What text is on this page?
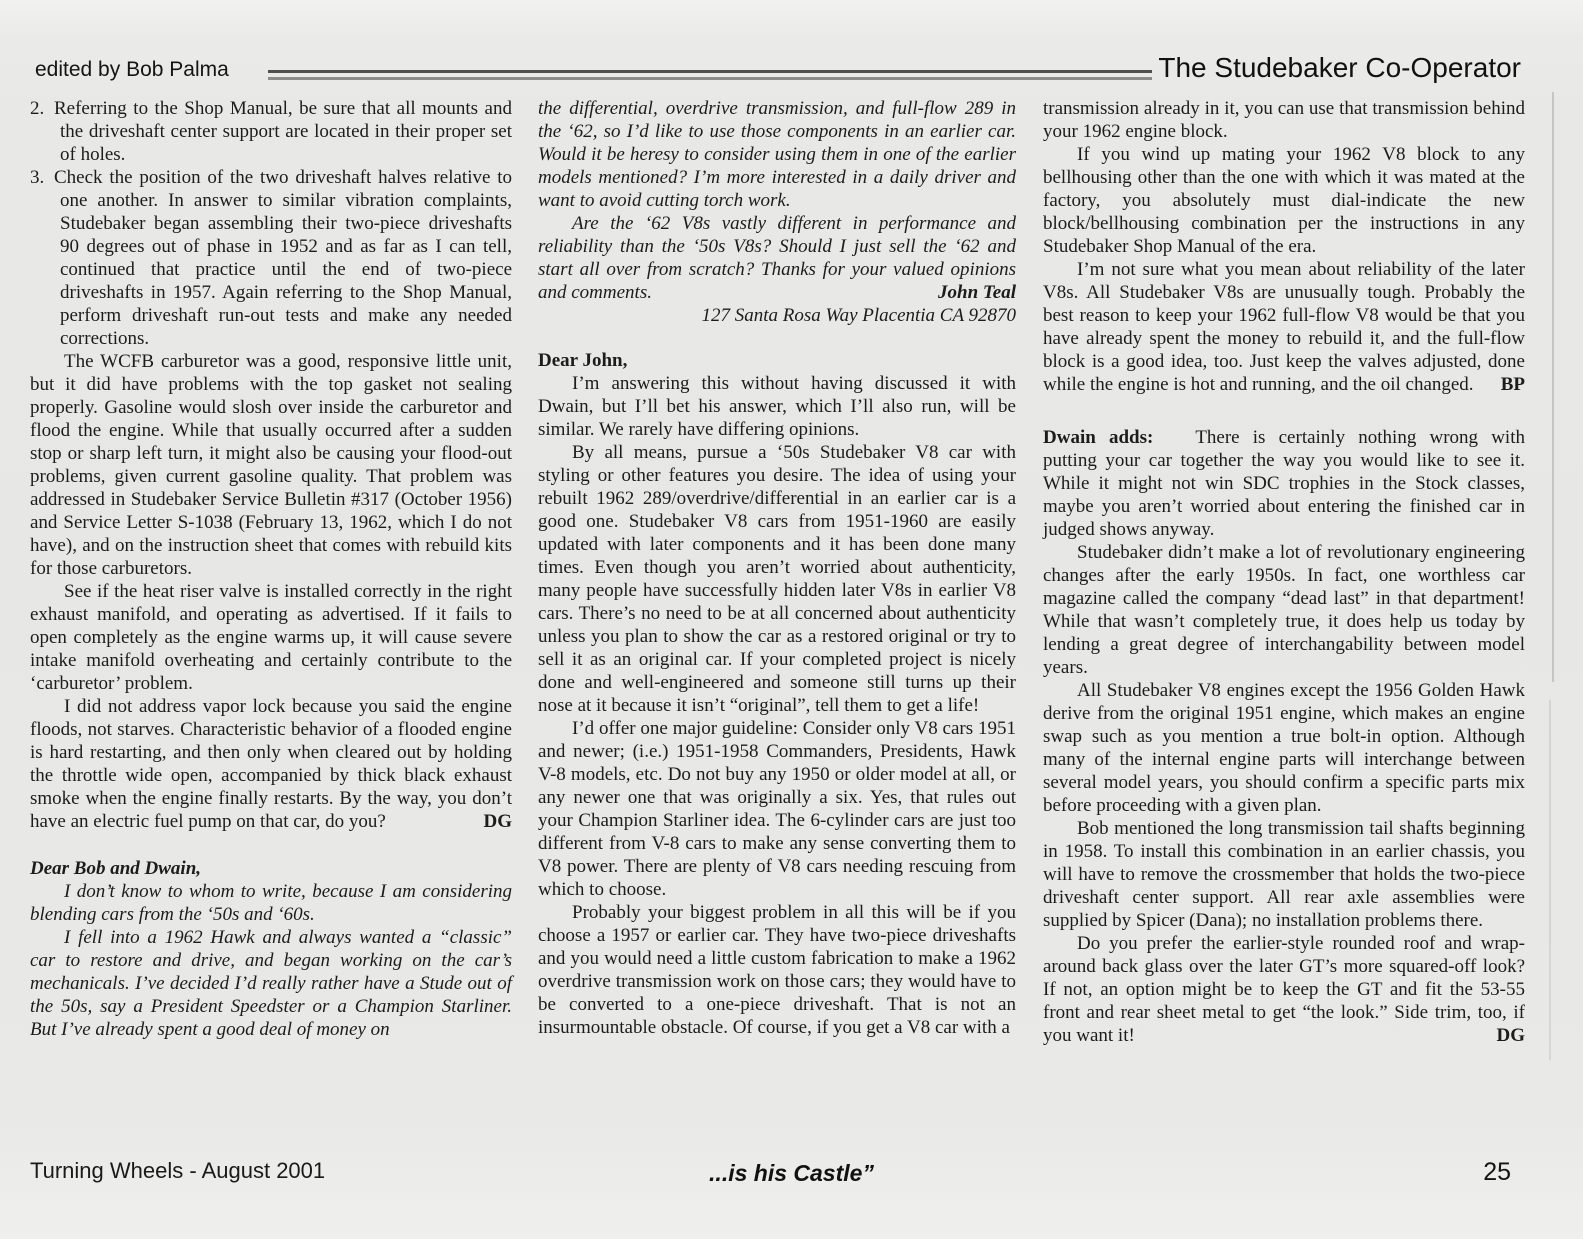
edited by Bob Palma	The Studebaker Co-Operator

2. Referring to the Shop Manual, be sure that all mounts and the driveshaft center support are located in their proper set of holes.

3. Check the position of the two driveshaft halves relative to one another. In answer to similar vibration complaints, Studebaker began assembling their two-piece driveshafts 90 degrees out of phase in 1952 and as far as I can tell, continued that practice until the end of two-piece driveshafts in 1957. Again referring to the Shop Manual, perform driveshaft run-out tests and make any needed corrections.

The WCFB carburetor was a good, responsive little unit, but it did have problems with the top gasket not sealing properly. Gasoline would slosh over inside the carburetor and flood the engine. While that usually occurred after a sudden stop or sharp left turn, it might also be causing your flood-out problems, given current gasoline quality. That problem was addressed in Studebaker Service Bulletin #317 (October 1956) and Service Letter S-1038 (February 13, 1962, which I do not have), and on the instruction sheet that comes with rebuild kits for those carburetors.

See if the heat riser valve is installed correctly in the right exhaust manifold, and operating as advertised. If it fails to open completely as the engine warms up, it will cause severe intake manifold overheating and certainly contribute to the ‘carburetor’ problem.

I did not address vapor lock because you said the engine floods, not starves. Characteristic behavior of a flooded engine is hard restarting, and then only when cleared out by holding the throttle wide open, accompanied by thick black exhaust smoke when the engine finally restarts. By the way, you don’t have an electric fuel pump on that car, do you?	DG

Dear Bob and Dwain,

I don’t know to whom to write, because I am considering blending cars from the ‘50s and ‘60s.

I fell into a 1962 Hawk and always wanted a “classic” car to restore and drive, and began working on the car’s mechanicals. I’ve decided I’d really rather have a Stude out of the 50s, say a President Speedster or a Champion Starliner. But I’ve already spent a good deal of money on

the differential, overdrive transmission, and full-flow 289 in the ‘62, so I’d like to use those components in an earlier car. Would it be heresy to consider using them in one of the earlier models mentioned? I’m more interested in a daily driver and want to avoid cutting torch work.

Are the ‘62 V8s vastly different in performance and reliability than the ‘50s V8s? Should I just sell the ‘62 and start all over from scratch? Thanks for your valued opinions and comments.	John Teal

127 Santa Rosa Way Placentia CA 92870

Dear John,

I’m answering this without having discussed it with Dwain, but I’ll bet his answer, which I’ll also run, will be similar. We rarely have differing opinions.

By all means, pursue a ‘50s Studebaker V8 car with styling or other features you desire. The idea of using your rebuilt 1962 289/overdrive/differential in an earlier car is a good one. Studebaker V8 cars from 1951-1960 are easily updated with later components and it has been done many times. Even though you aren’t worried about authenticity, many people have successfully hidden later V8s in earlier V8 cars. There’s no need to be at all concerned about authenticity unless you plan to show the car as a restored original or try to sell it as an original car. If your completed project is nicely done and well-engineered and someone still turns up their nose at it because it isn’t “original”, tell them to get a life!

I’d offer one major guideline: Consider only V8 cars 1951 and newer; (i.e.) 1951-1958 Commanders, Presidents, Hawk V-8 models, etc. Do not buy any 1950 or older model at all, or any newer one that was originally a six. Yes, that rules out your Champion Starliner idea. The 6-cylinder cars are just too different from V-8 cars to make any sense converting them to V8 power. There are plenty of V8 cars needing rescuing from which to choose.

Probably your biggest problem in all this will be if you choose a 1957 or earlier car. They have two-piece driveshafts and you would need a little custom fabrication to make a 1962 overdrive transmission work on those cars; they would have to be converted to a one-piece driveshaft. That is not an insurmountable obstacle. Of course, if you get a V8 car with a

transmission already in it, you can use that transmission behind your 1962 engine block.

If you wind up mating your 1962 V8 block to any bellhousing other than the one with which it was mated at the factory, you absolutely must dial-indicate the new block/bellhousing combination per the instructions in any Studebaker Shop Manual of the era.

I’m not sure what you mean about reliability of the later V8s. All Studebaker V8s are unusually tough. Probably the best reason to keep your 1962 full-flow V8 would be that you have already spent the money to rebuild it, and the full-flow block is a good idea, too. Just keep the valves adjusted, done while the engine is hot and running, and the oil changed.	BP

Dwain adds: There is certainly nothing wrong with putting your car together the way you would like to see it. While it might not win SDC trophies in the Stock classes, maybe you aren’t worried about entering the finished car in judged shows anyway.

Studebaker didn’t make a lot of revolutionary engineering changes after the early 1950s. In fact, one worthless car magazine called the company “dead last” in that department! While that wasn’t completely true, it does help us today by lending a great degree of interchangability between model years.

All Studebaker V8 engines except the 1956 Golden Hawk derive from the original 1951 engine, which makes an engine swap such as you mention a true bolt-in option. Although many of the internal engine parts will interchange between several model years, you should confirm a specific parts mix before proceeding with a given plan.

Bob mentioned the long transmission tail shafts beginning in 1958. To install this combination in an earlier chassis, you will have to remove the crossmember that holds the two-piece driveshaft center support. All rear axle assemblies were supplied by Spicer (Dana); no installation problems there.

Do you prefer the earlier-style rounded roof and wrap-around back glass over the later GT’s more squared-off look? If not, an option might be to keep the GT and fit the 53-55 front and rear sheet metal to get “the look.” Side trim, too, if you want it!	DG

Turning Wheels - August 2001	...is his Castle”	25
